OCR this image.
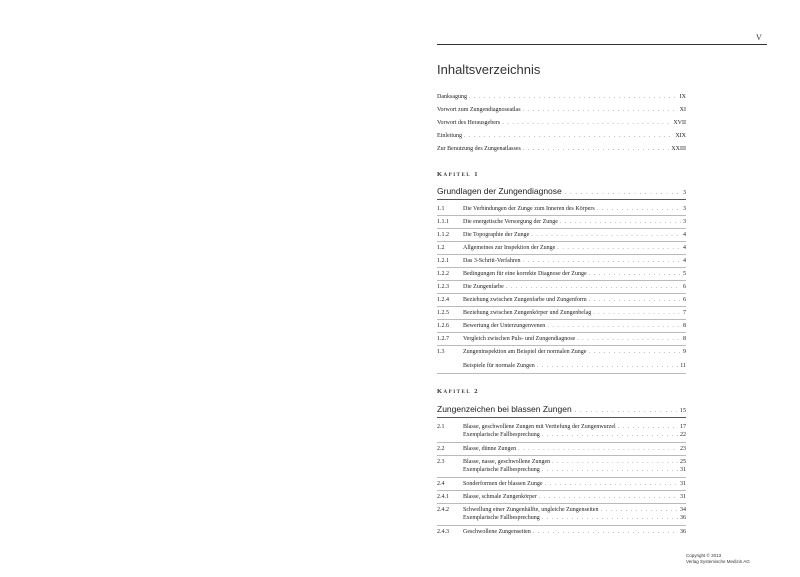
V
Inhaltsverzeichnis
Danksagung . . .	IX
Vorwort zum Zungendiagnoseatlas . . .	XI
Vorwort des Herausgebers . . .	XVII
Einleitung . . .	XIX
Zur Benutzung des Zungenatlasses . . .	XXIII
Kapitel 1
Grundlagen der Zungendiagnose . . .	3
1.1	Die Verbindungen der Zunge zum Inneren des Körpers . . .	3
1.1.1	Die energetische Versorgung der Zunge . . .	3
1.1.2	Die Topographie der Zunge . . .	4
1.2	Allgemeines zur Inspektion der Zunge . . .	4
1.2.1	Das 3-Schritt-Verfahren . . .	4
1.2.2	Bedingungen für eine korrekte Diagnose der Zunge . . .	5
1.2.3	Die Zungenfarbe . . .	6
1.2.4	Beziehung zwischen Zungenfarbe und Zungenform . . .	6
1.2.5	Beziehung zwischen Zungenkörper und Zungenbelag . . .	7
1.2.6	Bewertung der Unterzungenvenen . . .	8
1.2.7	Vergleich zwischen Puls- und Zungendiagnose . . .	8
1.3	Zungeninspektion am Beispiel der normalen Zunge . . .	9
Beispiele für normale Zungen . . .	11
Kapitel 2
Zungenzeichen bei blassen Zungen . . .	15
2.1	Blasse, geschwollene Zungen mit Vertiefung der Zungenwurzel . . .	17
Exemplarische Fallbesprechung . . .	22
2.2	Blasse, dünne Zungen . . .	23
2.3	Blasse, nasse, geschwollene Zungen . . .	25
Exemplarische Fallbesprechung . . .	31
2.4	Sonderformen der blassen Zunge . . .	31
2.4.1	Blasse, schmale Zungenkörper . . .	31
2.4.2	Schwellung einer Zungenhälfte, ungleiche Zungenseiten . . .	34
Exemplarische Fallbesprechung . . .	36
2.4.3	Geschwollene Zungenseiten . . .	36
Copyright © 2013
Verlag Systemische Medizin AG
